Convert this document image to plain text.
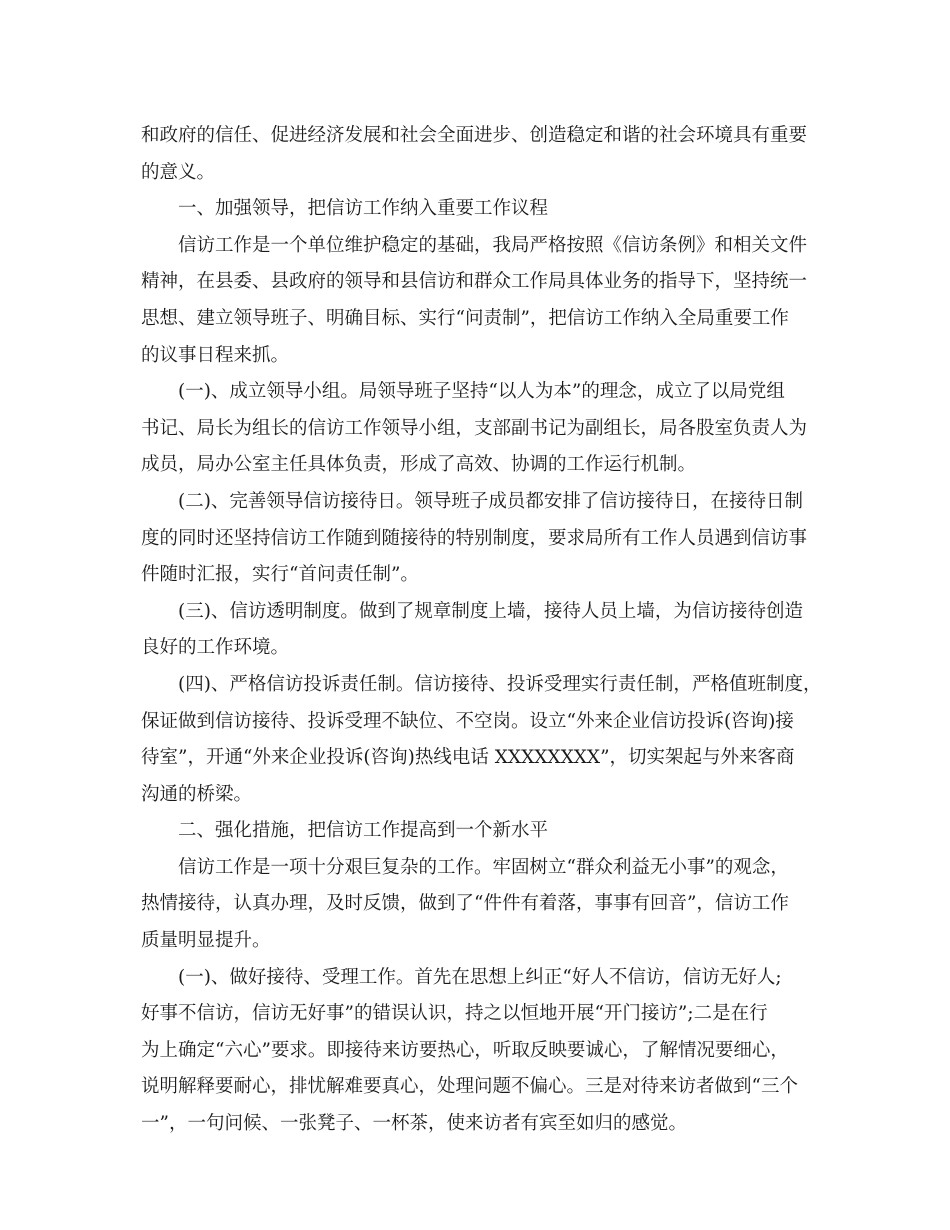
和政府的信任、促进经济发展和社会全面进步、创造稳定和谐的社会环境具有重要
的意义。
一、加强领导，把信访工作纳入重要工作议程
信访工作是一个单位维护稳定的基础，我局严格按照《信访条例》和相关文件
精神，在县委、县政府的领导和县信访和群众工作局具体业务的指导下，坚持统一
思想、建立领导班子、明确目标、实行“问责制”，把信访工作纳入全局重要工作
的议事日程来抓。
(一)、成立领导小组。局领导班子坚持“以人为本”的理念，成立了以局党组
书记、局长为组长的信访工作领导小组，支部副书记为副组长，局各股室负责人为
成员，局办公室主任具体负责，形成了高效、协调的工作运行机制。
(二)、完善领导信访接待日。领导班子成员都安排了信访接待日，在接待日制
度的同时还坚持信访工作随到随接待的特别制度，要求局所有工作人员遇到信访事
件随时汇报，实行“首问责任制”。
(三)、信访透明制度。做到了规章制度上墙，接待人员上墙，为信访接待创造
良好的工作环境。
(四)、严格信访投诉责任制。信访接待、投诉受理实行责任制，严格值班制度，
保证做到信访接待、投诉受理不缺位、不空岗。设立“外来企业信访投诉(咨询)接
待室”，开通“外来企业投诉(咨询)热线电话 XXXXXXXX”，切实架起与外来客商
沟通的桥梁。
二、强化措施，把信访工作提高到一个新水平
信访工作是一项十分艰巨复杂的工作。牢固树立“群众利益无小事”的观念，
热情接待，认真办理，及时反馈，做到了“件件有着落，事事有回音”，信访工作
质量明显提升。
(一)、做好接待、受理工作。首先在思想上纠正“好人不信访，信访无好人;
好事不信访，信访无好事”的错误认识，持之以恒地开展“开门接访”;二是在行
为上确定“六心”要求。即接待来访要热心，听取反映要诚心，了解情况要细心，
说明解释要耐心，排忧解难要真心，处理问题不偏心。三是对待来访者做到“三个
一”，一句问候、一张凳子、一杯茶，使来访者有宾至如归的感觉。
